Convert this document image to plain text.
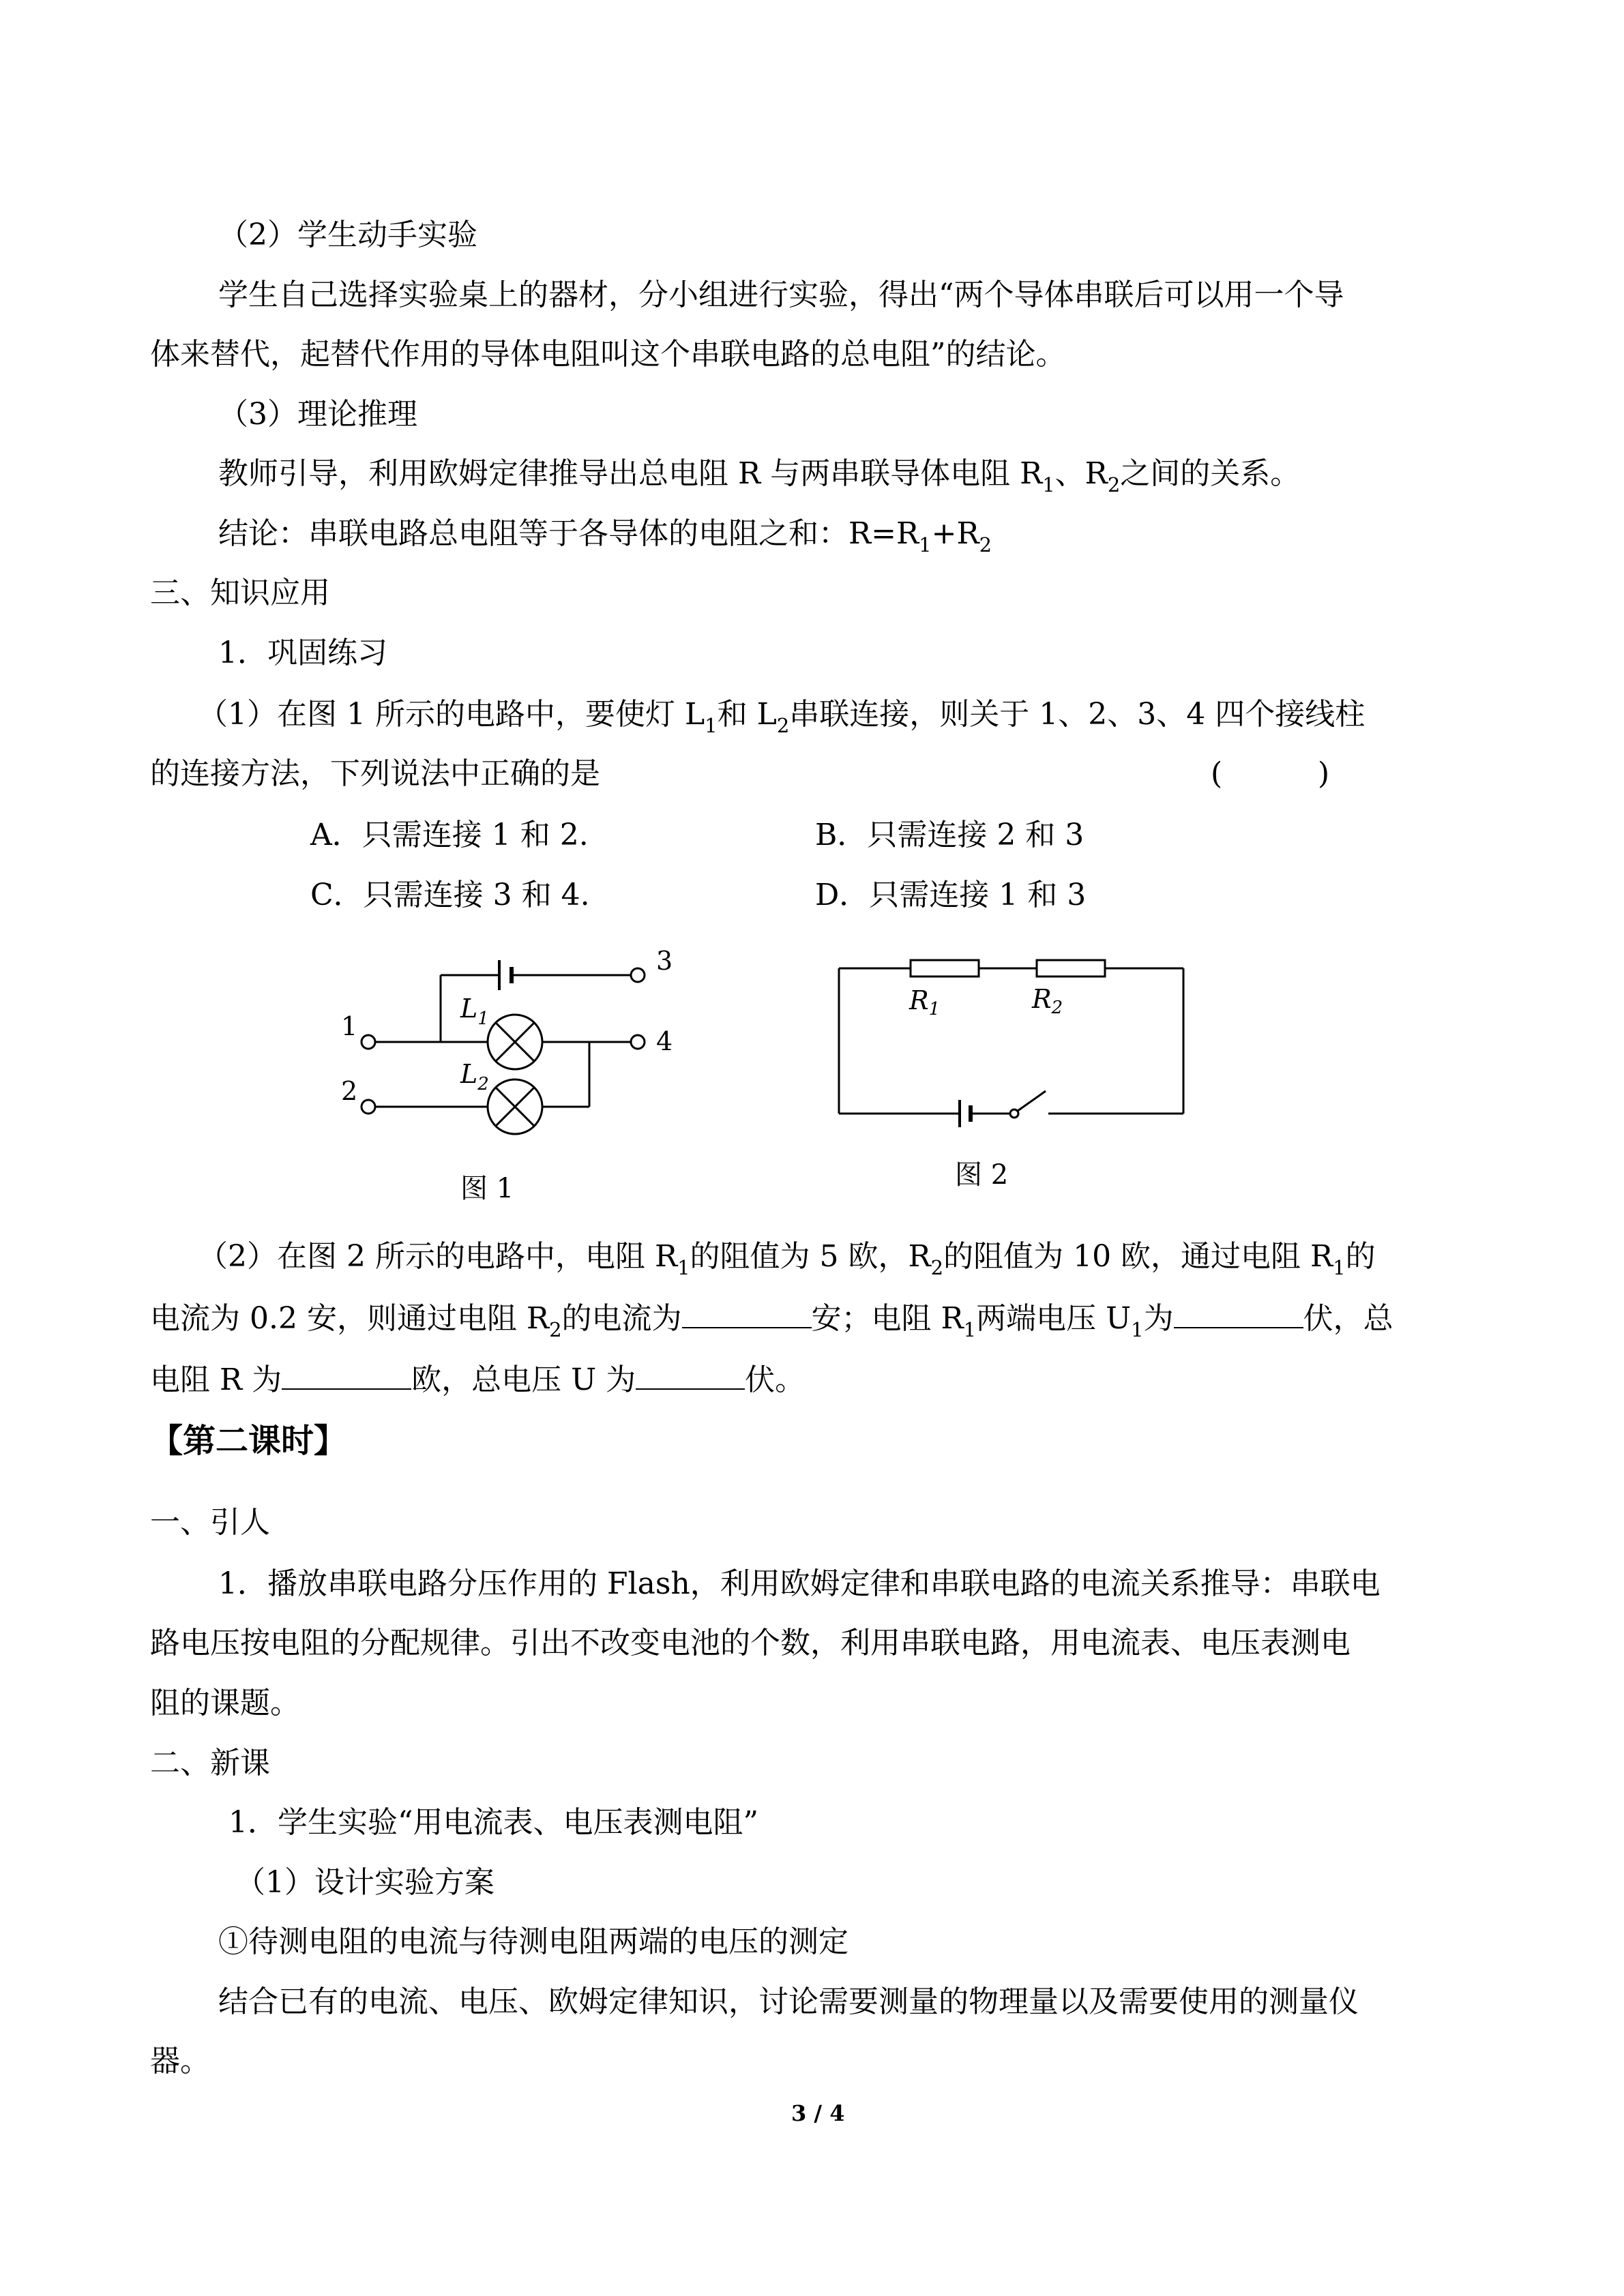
（2）学生动手实验
学生自己选择实验桌上的器材，分小组进行实验，得出“两个导体串联后可以用一个导
体来替代，起替代作用的导体电阻叫这个串联电路的总电阻”的结论。
（3）理论推理
教师引导，利用欧姆定律推导出总电阻 R 与两串联导体电阻 $R_1$、$R_2$之间的关系。
结论：串联电路总电阻等于各导体的电阻之和：$R=R_1+R_2$
三、知识应用
1．巩固练习
（1）在图 1 所示的电路中，要使灯 $L_1$和 $L_2$串联连接，则关于 1、2、3、4 四个接线柱
的连接方法，下列说法中正确的是	(          )
A．只需连接 1 和 2.	B．只需连接 2 和 3
C．只需连接 3 和 4.	D．只需连接 1 和 3
1
2
3
4
$L_1$
$L_2$
图 1
$R_1$	$R_2$
图 2
（2）在图 2 所示的电路中，电阻 $R_1$的阻值为 5 欧，$R_2$的阻值为 10 欧，通过电阻 $R_1$的
电流为 0.2 安，则通过电阻 $R_2$的电流为	安；电阻 $R_1$两端电压 $U_1$为	伏，总
电阻 R 为	欧，总电压 U 为	伏。
【第二课时】
一、引人
1．播放串联电路分压作用的 Flash，利用欧姆定律和串联电路的电流关系推导：串联电
路电压按电阻的分配规律。引出不改变电池的个数，利用串联电路，用电流表、电压表测电
阻的课题。
二、新课
1．学生实验“用电流表、电压表测电阻”
（1）设计实验方案
①待测电阻的电流与待测电阻两端的电压的测定
结合已有的电流、电压、欧姆定律知识，讨论需要测量的物理量以及需要使用的测量仪
器。
3 / 4
